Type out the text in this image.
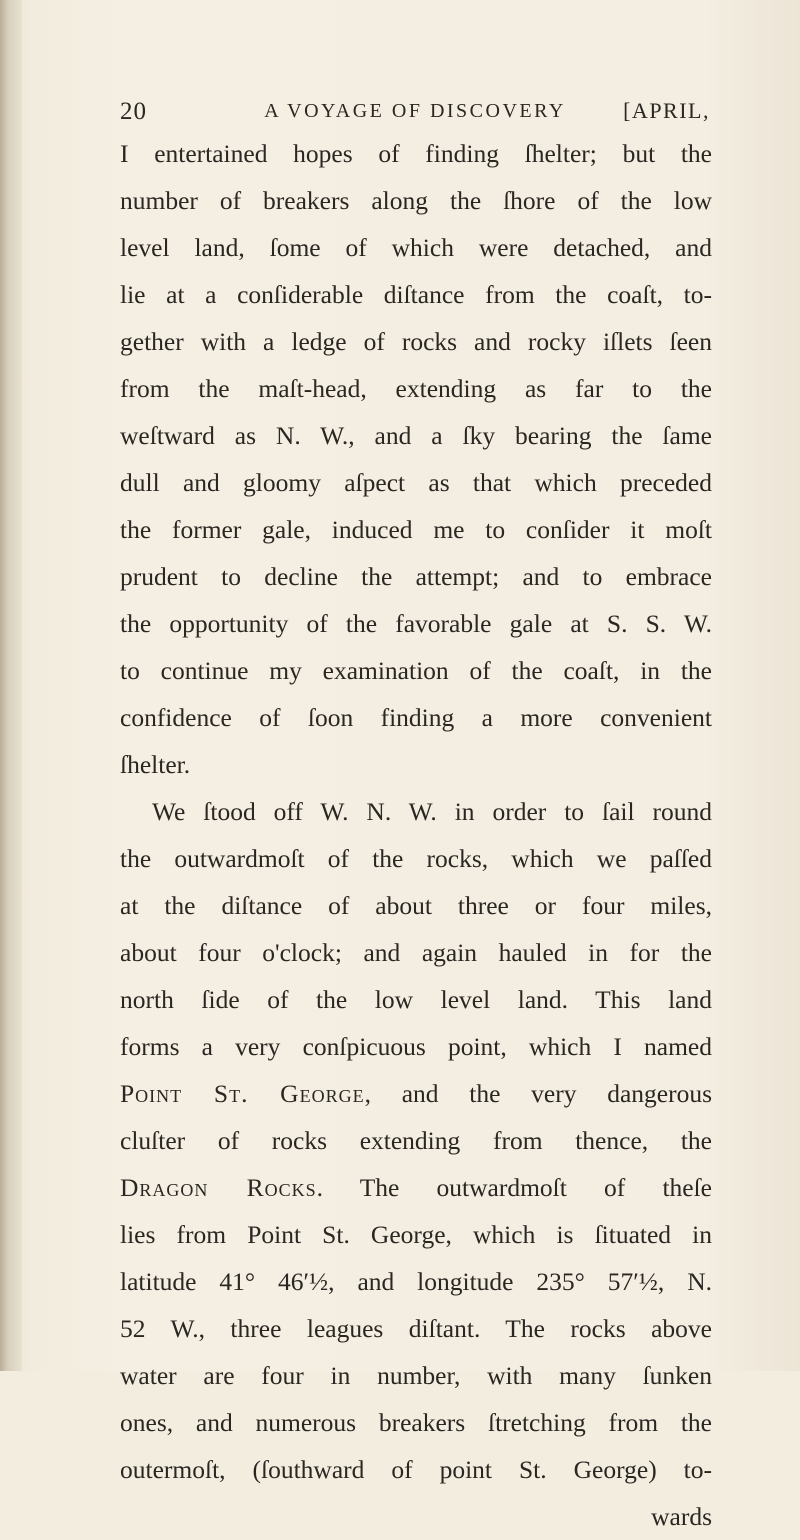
20	A VOYAGE OF DISCOVERY	[APRIL,
I entertained hopes of finding ſhelter; but the
number of breakers along the ſhore of the low
level land, ſome of which were detached, and
lie at a conſiderable diſtance from the coaſt, to-
gether with a ledge of rocks and rocky iſlets ſeen
from the maſt-head, extending as far to the
weſtward as N. W., and a ſky bearing the ſame
dull and gloomy aſpect as that which preceded
the former gale, induced me to conſider it moſt
prudent to decline the attempt; and to embrace
the opportunity of the favorable gale at S. S. W.
to continue my examination of the coaſt, in the
confidence of ſoon finding a more convenient
ſhelter.
We ſtood off W. N. W. in order to ſail round
the outwardmoſt of the rocks, which we paſſed
at the diſtance of about three or four miles,
about four o'clock; and again hauled in for the
north ſide of the low level land. This land
forms a very conſpicuous point, which I named
Point St. George, and the very dangerous
cluſter of rocks extending from thence, the
Dragon Rocks. The outwardmoſt of theſe
lies from Point St. George, which is ſituated in
latitude 41° 46′½, and longitude 235° 57′½, N.
52 W., three leagues diſtant. The rocks above
water are four in number, with many ſunken
ones, and numerous breakers ſtretching from the
outermoſt, (ſouthward of point St. George) to-
wards
